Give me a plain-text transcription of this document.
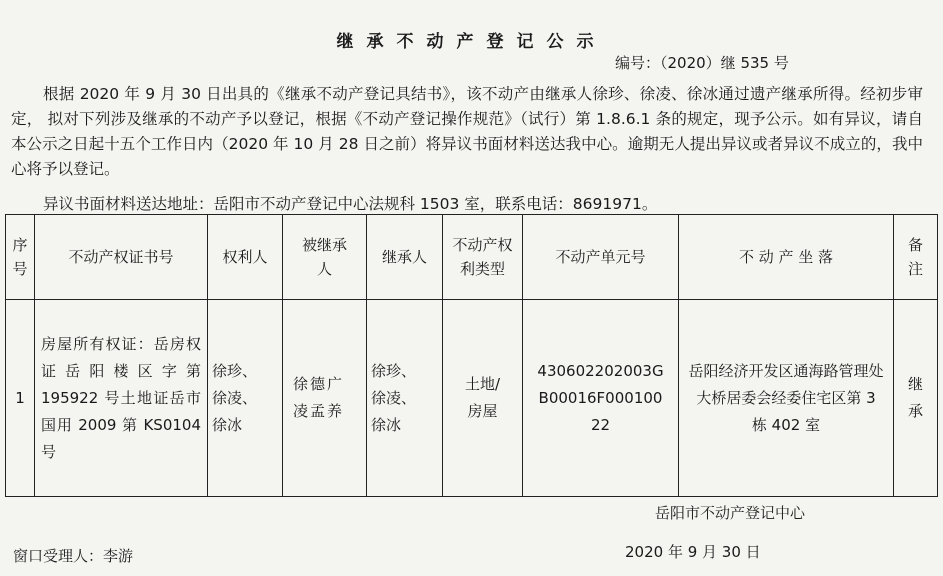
继承不动产登记公示
编号：（2020）继 535 号

根据 2020 年 9 月 30 日出具的《继承不动产登记具结书》，该不动产由继承人徐珍、徐凌、徐冰通过遗产继承所得。经初步审定， 拟对下列涉及继承的不动产予以登记，根据《不动产登记操作规范》（试行）第 1.8.6.1 条的规定，现予公示。如有异议，请自本公示之日起十五个工作日内（2020 年 10 月 28 日之前）将异议书面材料送达我中心。逾期无人提出异议或者异议不成立的，我中心将予以登记。

异议书面材料送达地址：岳阳市不动产登记中心法规科 1503 室，联系电话：8691971。
序号	不动产权证书号	权利人	被继承人	继承人	不动产权利类型	不动产单元号	不 动 产 坐 落	备注
1	房屋所有权证：岳房权证岳阳楼区字第 195922 号土地证岳市国用 2009 第 KS0104 号	徐珍、徐凌、徐冰	徐德广凌孟养	徐珍、徐凌、徐冰	土地/房屋	430602202003GB00016F00010022	岳阳经济开发区通海路管理处大桥居委会经委住宅区第 3 栋 402 室	继承
岳阳市不动产登记中心
窗口受理人：李游	2020 年 9 月 30 日
